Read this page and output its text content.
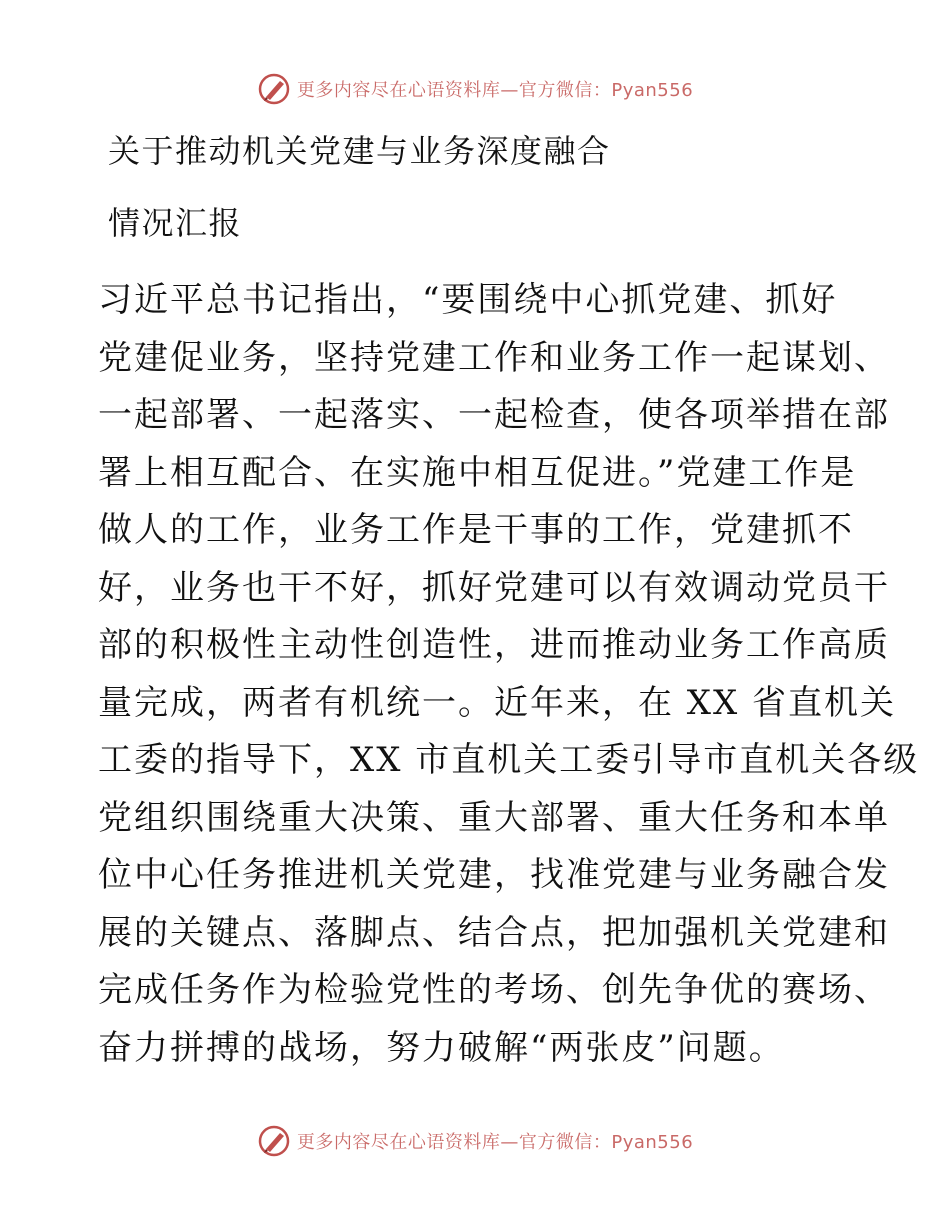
更多内容尽在心语资料库—官方微信：Pyan556
关于推动机关党建与业务深度融合
情况汇报
习近平总书记指出，“要围绕中心抓党建、抓好
党建促业务，坚持党建工作和业务工作一起谋划、
一起部署、一起落实、一起检查，使各项举措在部
署上相互配合、在实施中相互促进。”党建工作是
做人的工作，业务工作是干事的工作，党建抓不
好，业务也干不好，抓好党建可以有效调动党员干
部的积极性主动性创造性，进而推动业务工作高质
量完成，两者有机统一。近年来，在 XX 省直机关
工委的指导下，XX 市直机关工委引导市直机关各级
党组织围绕重大决策、重大部署、重大任务和本单
位中心任务推进机关党建，找准党建与业务融合发
展的关键点、落脚点、结合点，把加强机关党建和
完成任务作为检验党性的考场、创先争优的赛场、
奋力拼搏的战场，努力破解“两张皮”问题。
更多内容尽在心语资料库—官方微信：Pyan556
